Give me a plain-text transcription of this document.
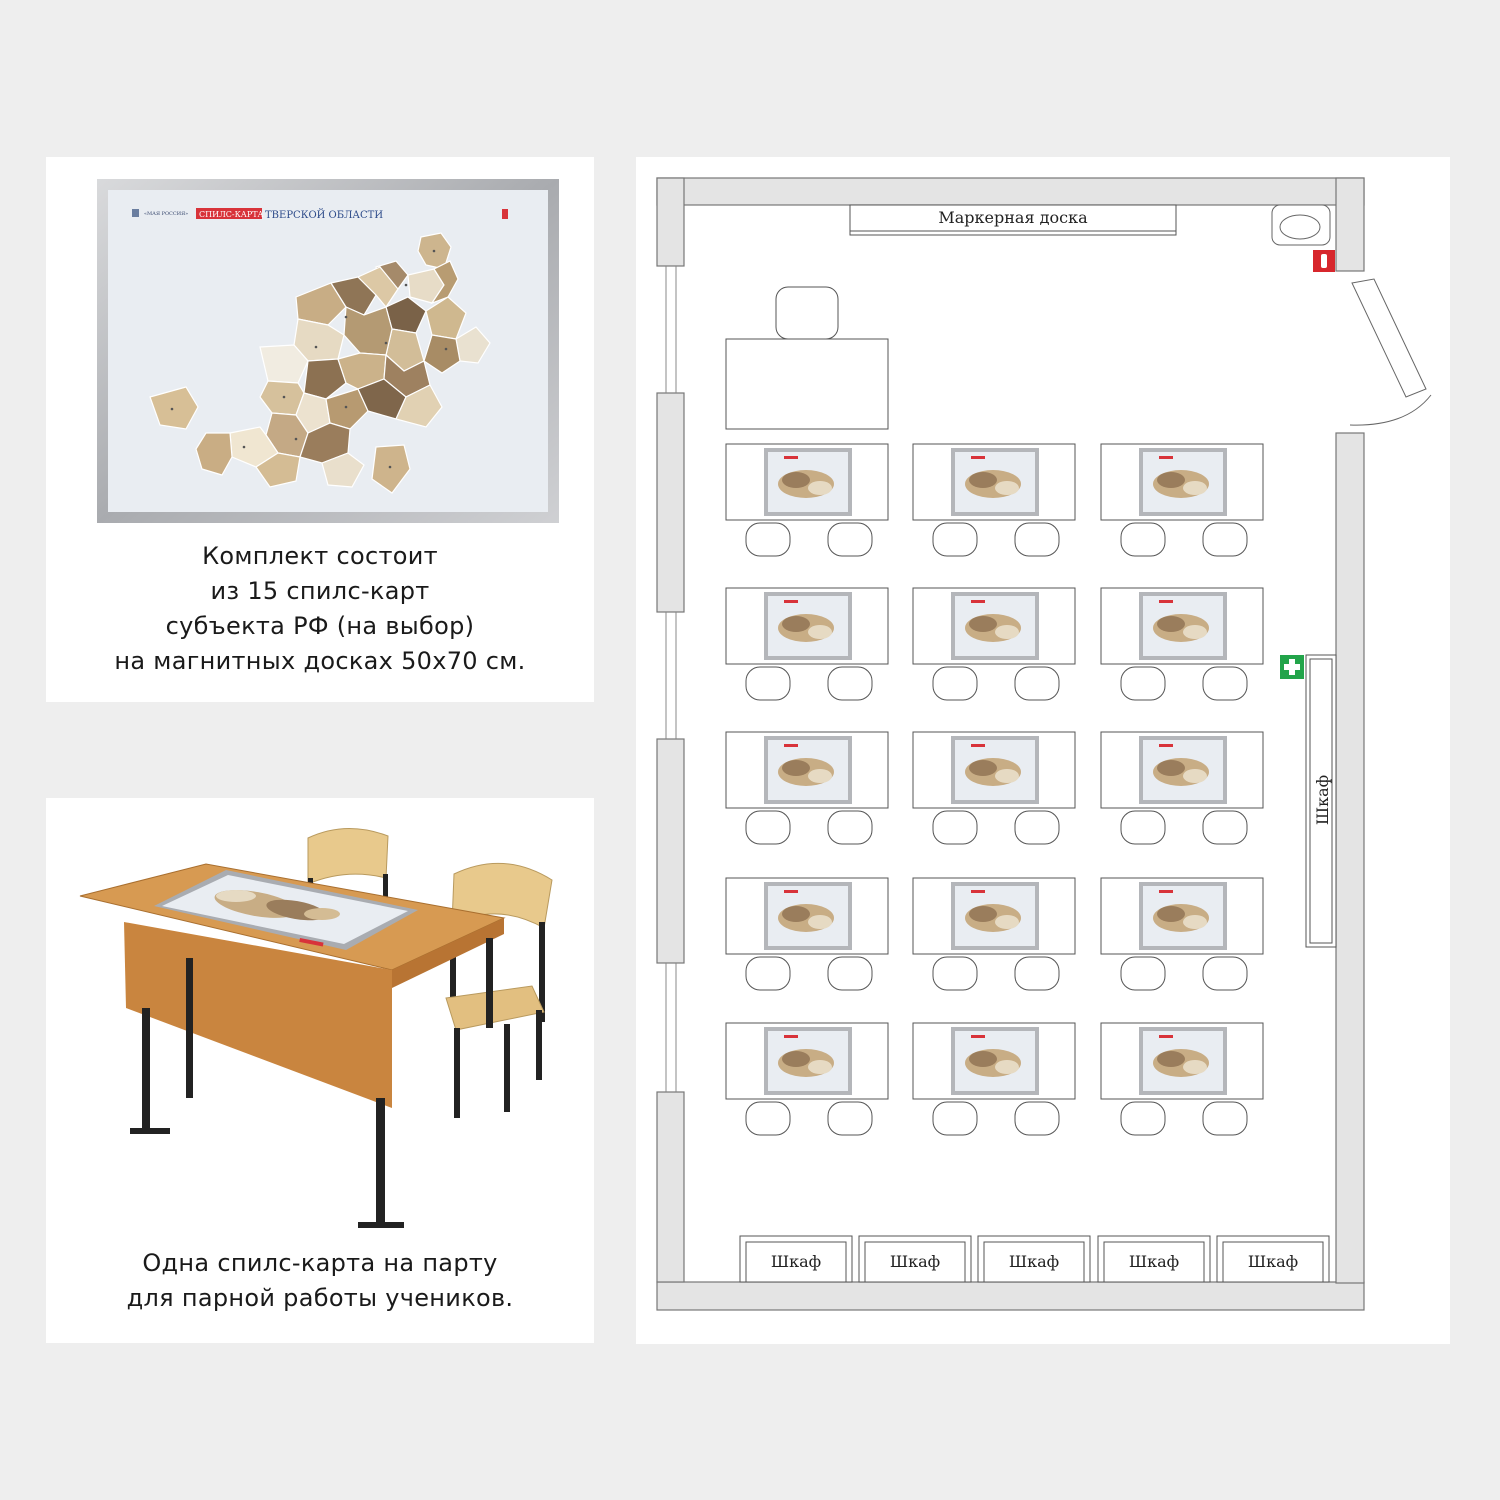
«МАЯ РОССИЯ» СПИЛС-КАРТА ТВЕРСКОЙ ОБЛАСТИ
Комплект состоит
из 15 спилс-карт
субъекта РФ (на выбор)
на магнитных досках 50х70 см.
Одна спилс-карта на парту
для парной работы учеников.
Маркерная доска
Шкаф
Шкаф	Шкаф	Шкаф	Шкаф	Шкаф
